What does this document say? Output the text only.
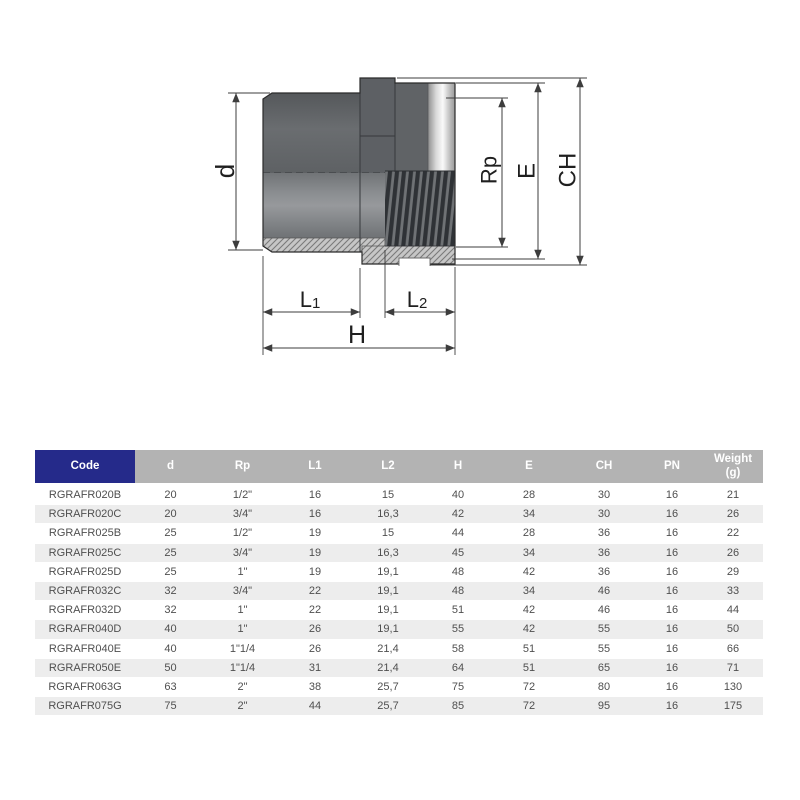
d	Rp E CH
L1	L2
H
Code	d	Rp	L1	L2	H	E	CH	PN	Weight
(g)
RGRAFR020B	20	1/2"	16	15	40	28	30	16	21
RGRAFR020C	20	3/4"	16	16,3	42	34	30	16	26
RGRAFR025B	25	1/2"	19	15	44	28	36	16	22
RGRAFR025C	25	3/4"	19	16,3	45	34	36	16	26
RGRAFR025D	25	1"	19	19,1	48	42	36	16	29
RGRAFR032C	32	3/4"	22	19,1	48	34	46	16	33
RGRAFR032D	32	1"	22	19,1	51	42	46	16	44
RGRAFR040D	40	1"	26	19,1	55	42	55	16	50
RGRAFR040E	40	1"1/4	26	21,4	58	51	55	16	66
RGRAFR050E	50	1"1/4	31	21,4	64	51	65	16	71
RGRAFR063G	63	2"	38	25,7	75	72	80	16	130
RGRAFR075G	75	2"	44	25,7	85	72	95	16	175
